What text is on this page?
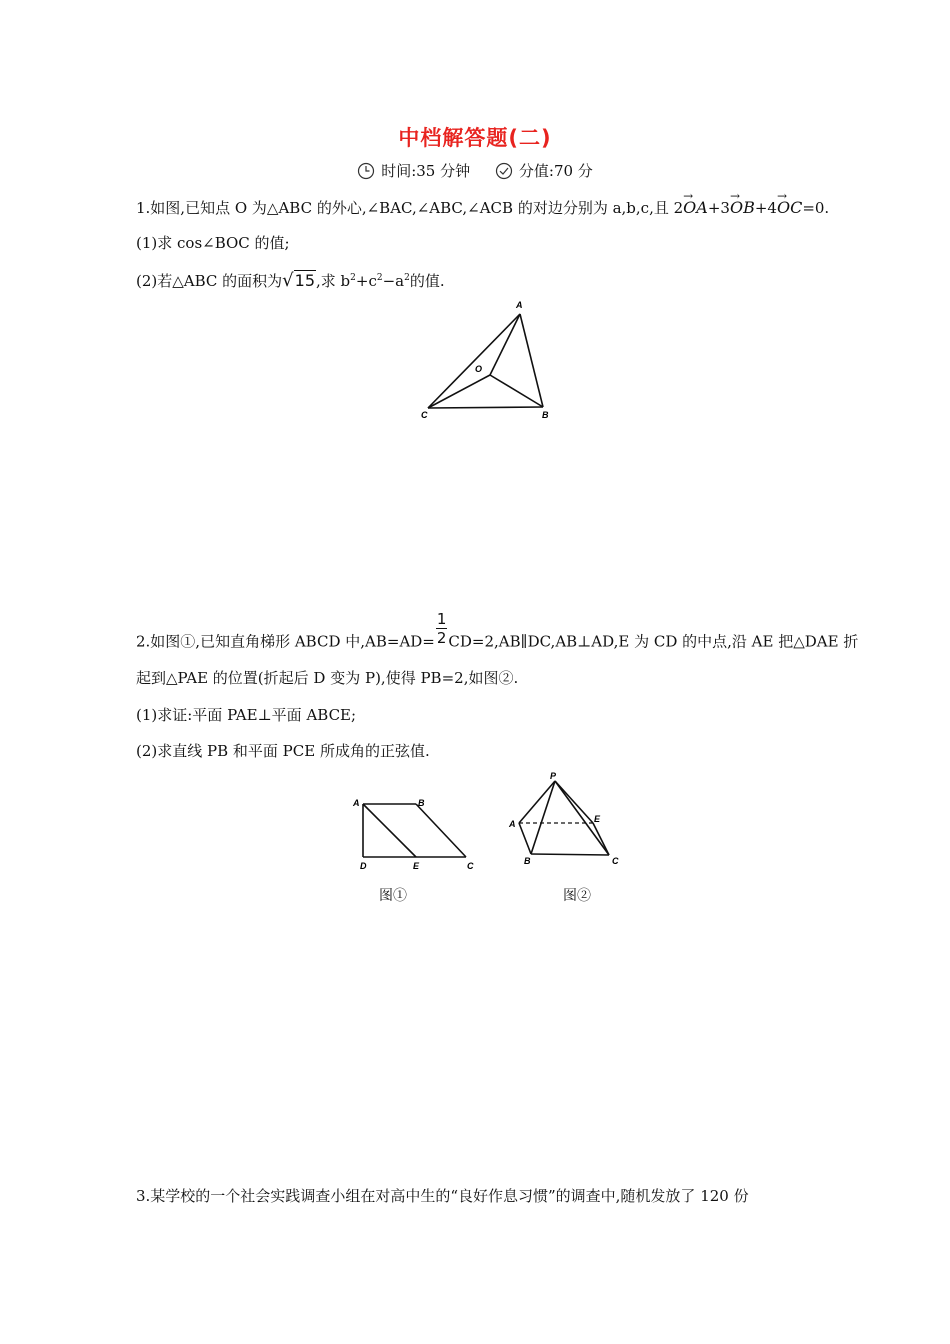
中档解答题(二)
时间:35 分钟
	分值:70 分
1.如图,已知点 O 为△ABC 的外心,∠BAC,∠ABC,∠ACB 的对边分别为 a,b,c,且 2→ OA+3→ OB+4→ OC=0.
(1)求 cos∠BOC 的值;
(2)若△ABC 的面积为 √ 15 ,求 $b^2+c^2-a^2$的值.
A
O
C	B
2.如图①,已知直角梯形 ABCD 中$,AB=AD= \frac{1}{2}$ CD=2,AB∥DC,AB⊥AD,E 为 CD 的中点,沿 AE 把△DAE 折
起到△PAE 的位置(折起后 D 变为 P),使得 PB=2,如图②.
(1)求证:平面 PAE⊥平面 ABCE;
(2)求直线 PB 和平面 PCE 所成角的正弦值.
A	B
D	E	C
图①
P
A	E
B	C
图②
3.某学校的一个社会实践调查小组在对高中生的“良好作息习惯”的调查中,随机发放了 120 份
